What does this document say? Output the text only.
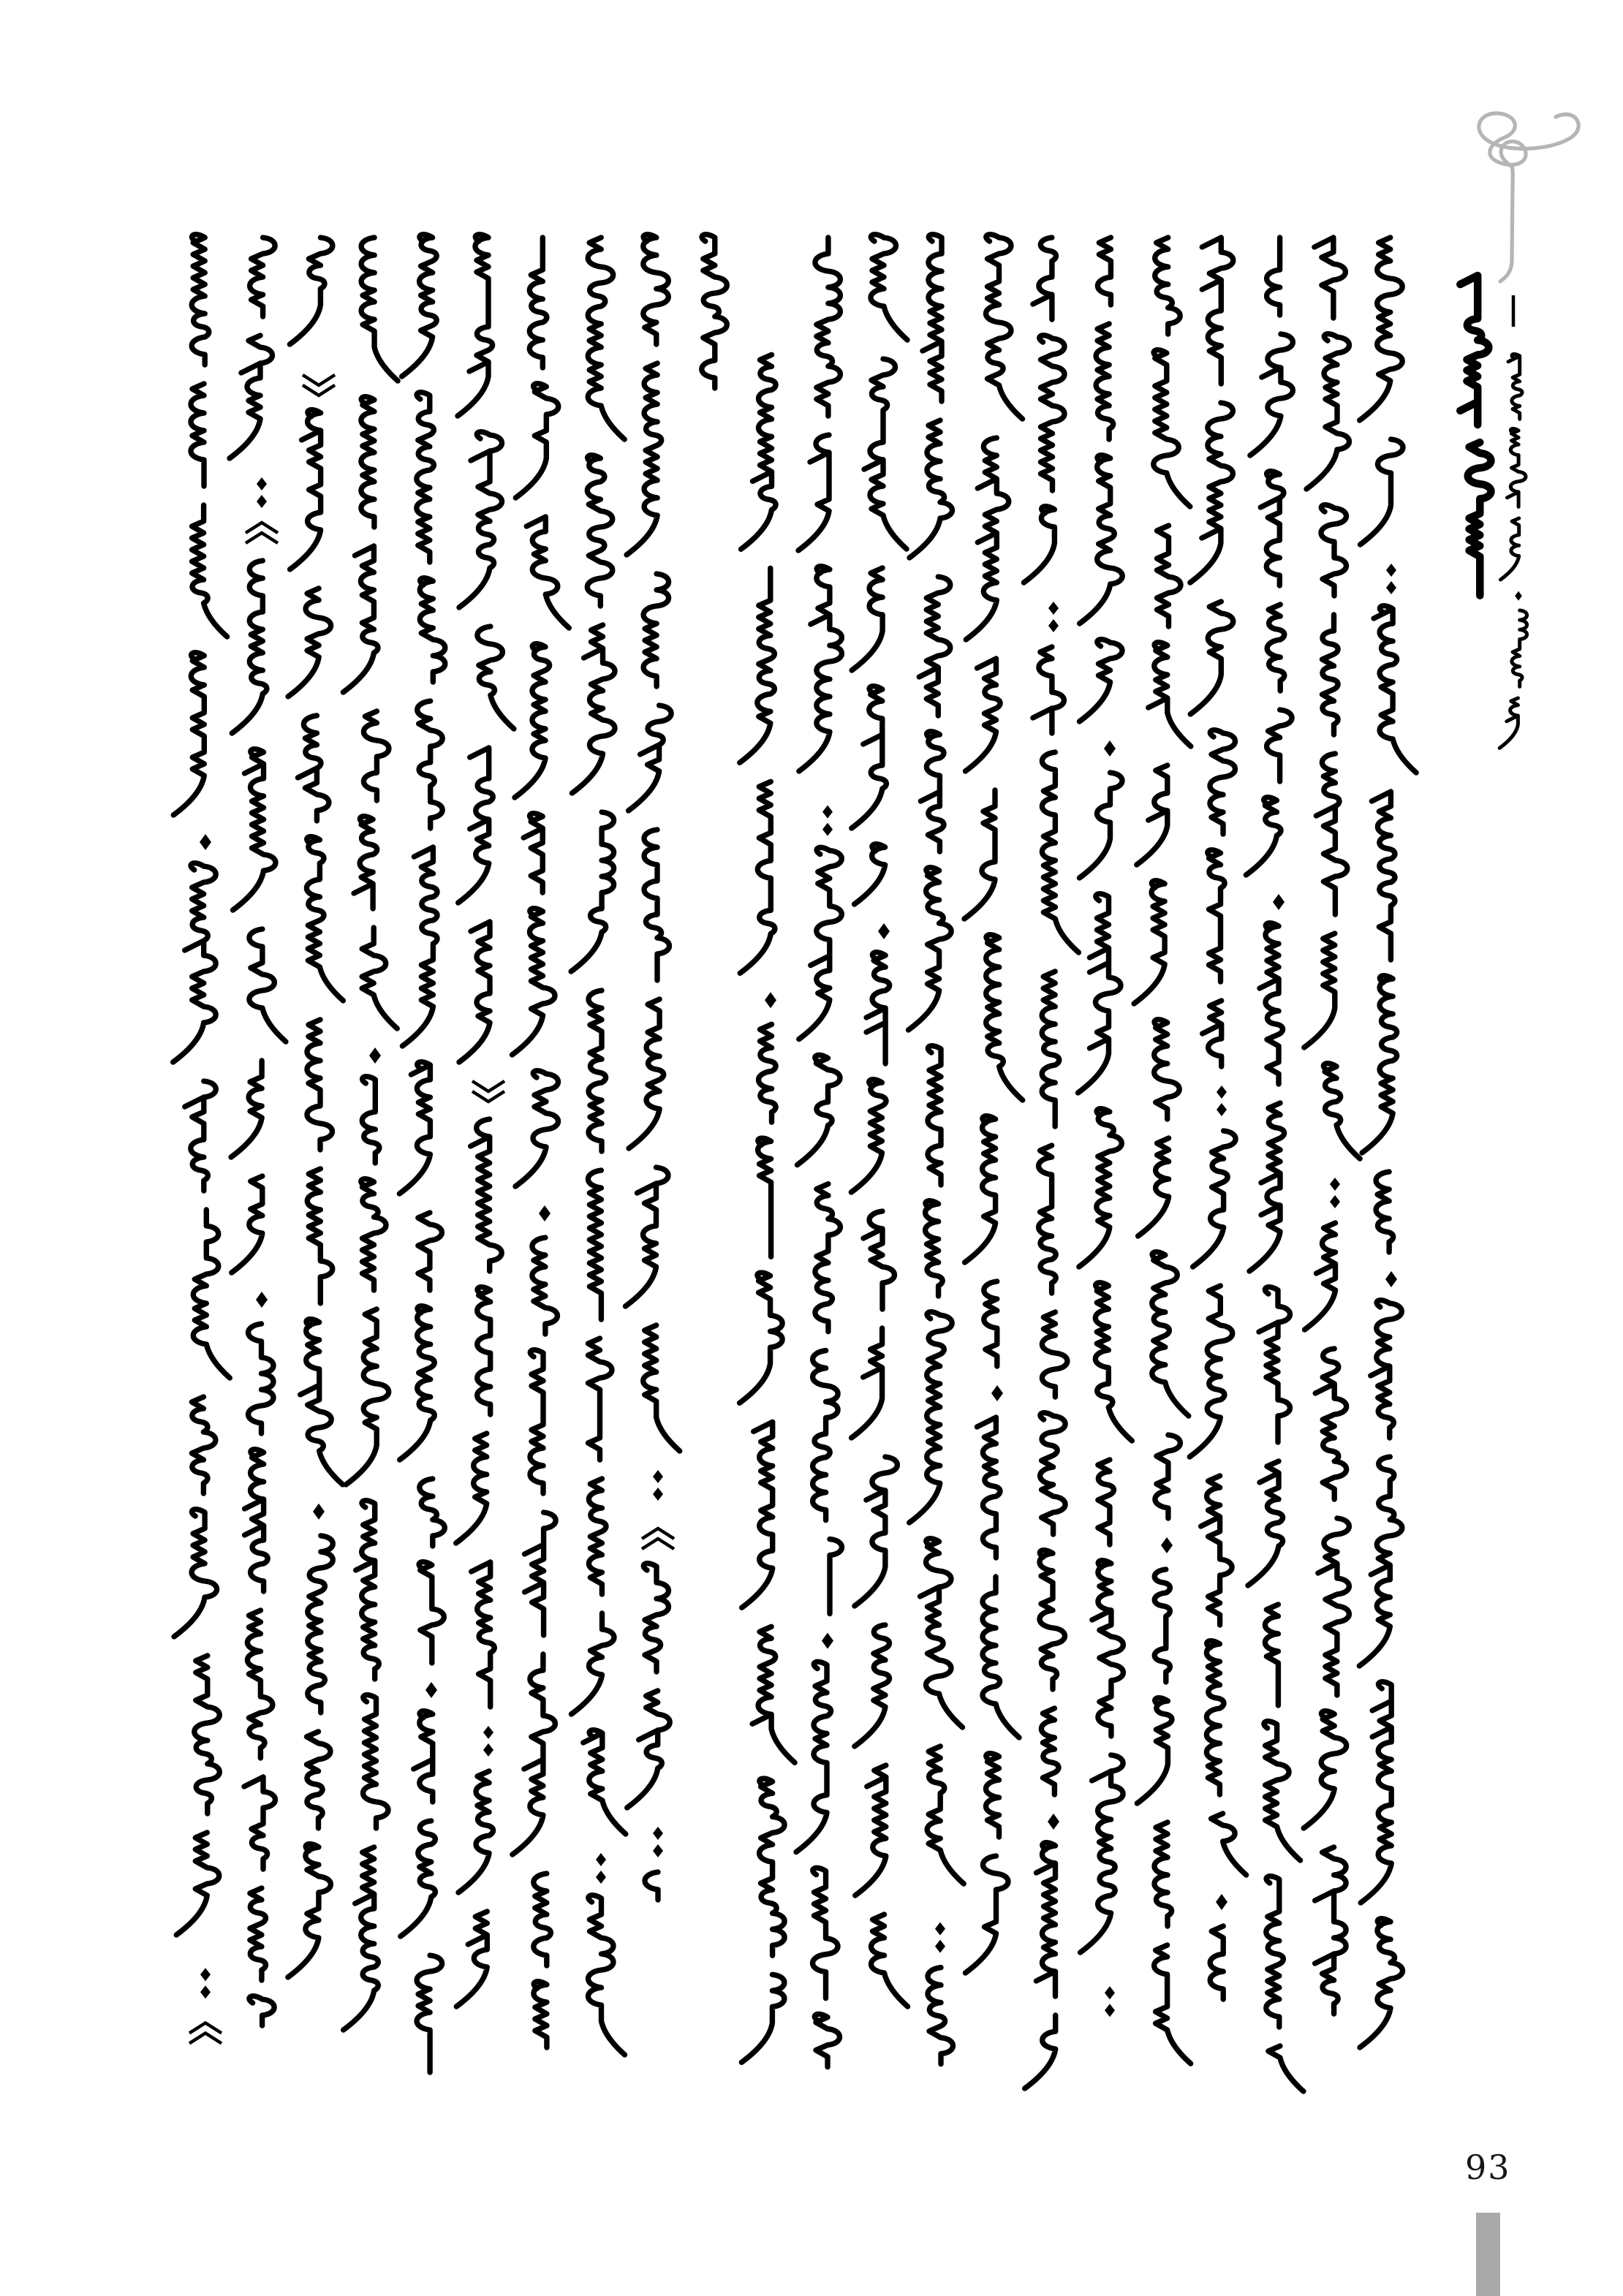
93
